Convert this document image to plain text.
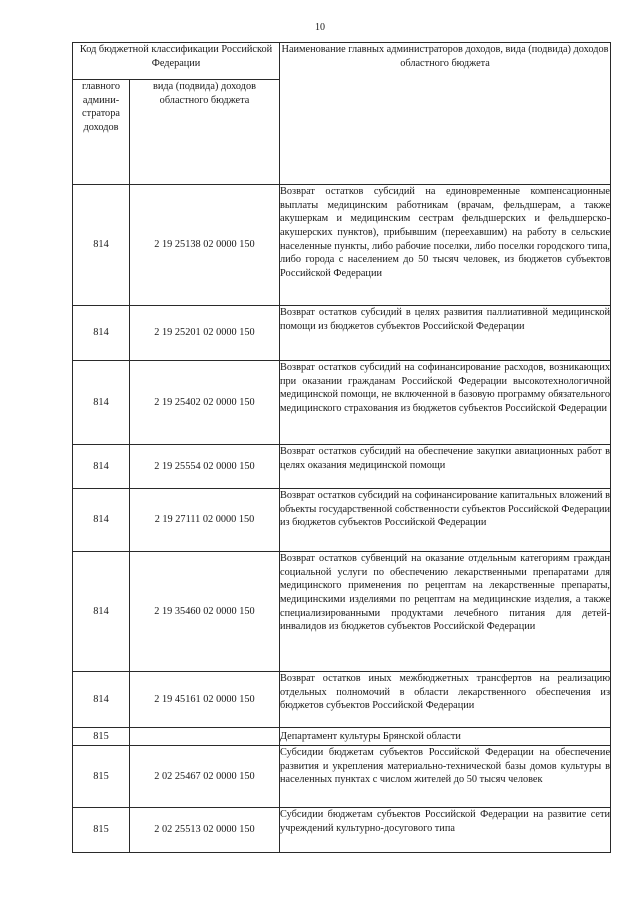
10
Код бюджетной классификации Российской Федерации		Наименование главных администраторов доходов, вида (подвида) доходов областного бюджета
главного админи-стратора доходов	вида (подвида) доходов областного бюджета	
814	2 19 25138 02 0000 150	Возврат остатков субсидий на единовременные компенсационные выплаты медицинским работникам (врачам, фельдшерам, а также акушеркам и медицинским сестрам фельдшерских и фельдшерско-акушерских пунктов), прибывшим (переехавшим) на работу в сельские населенные пункты, либо рабочие поселки, либо поселки городского типа, либо города с населением до 50 тысяч человек, из бюджетов субъектов Российской Федерации
814	2 19 25201 02 0000 150	Возврат остатков субсидий в целях развития паллиативной медицинской помощи из бюджетов субъектов Российской Федерации
814	2 19 25402 02 0000 150	Возврат остатков субсидий на софинансирование расходов, возникающих при оказании гражданам Российской Федерации высокотехнологичной медицинской помощи, не включенной в базовую программу обязательного медицинского страхования из бюджетов субъектов Российской Федерации
814	2 19 25554 02 0000 150	Возврат остатков субсидий на обеспечение закупки авиационных работ в целях оказания медицинской помощи
814	2 19 27111 02 0000 150	Возврат остатков субсидий на софинансирование капитальных вложений в объекты государственной собственности субъектов Российской Федерации из бюджетов субъектов Российской Федерации
814	2 19 35460 02 0000 150	Возврат остатков субвенций на оказание отдельным категориям граждан социальной услуги по обеспечению лекарственными препаратами для медицинского применения по рецептам на лекарственные препараты, медицинскими изделиями по рецептам на медицинские изделия, а также специализированными продуктами лечебного питания для детей-инвалидов из бюджетов субъектов Российской Федерации
814	2 19 45161 02 0000 150	Возврат остатков иных межбюджетных трансфертов на реализацию отдельных полномочий в области лекарственного обеспечения из бюджетов субъектов Российской Федерации
815		Департамент культуры Брянской области
815	2 02 25467 02 0000 150	Субсидии бюджетам субъектов Российской Федерации на обеспечение развития и укрепления материально-технической базы домов культуры в населенных пунктах с числом жителей до 50 тысяч человек
815	2 02 25513 02 0000 150	Субсидии бюджетам субъектов Российской Федерации на развитие сети учреждений культурно-досугового типа
